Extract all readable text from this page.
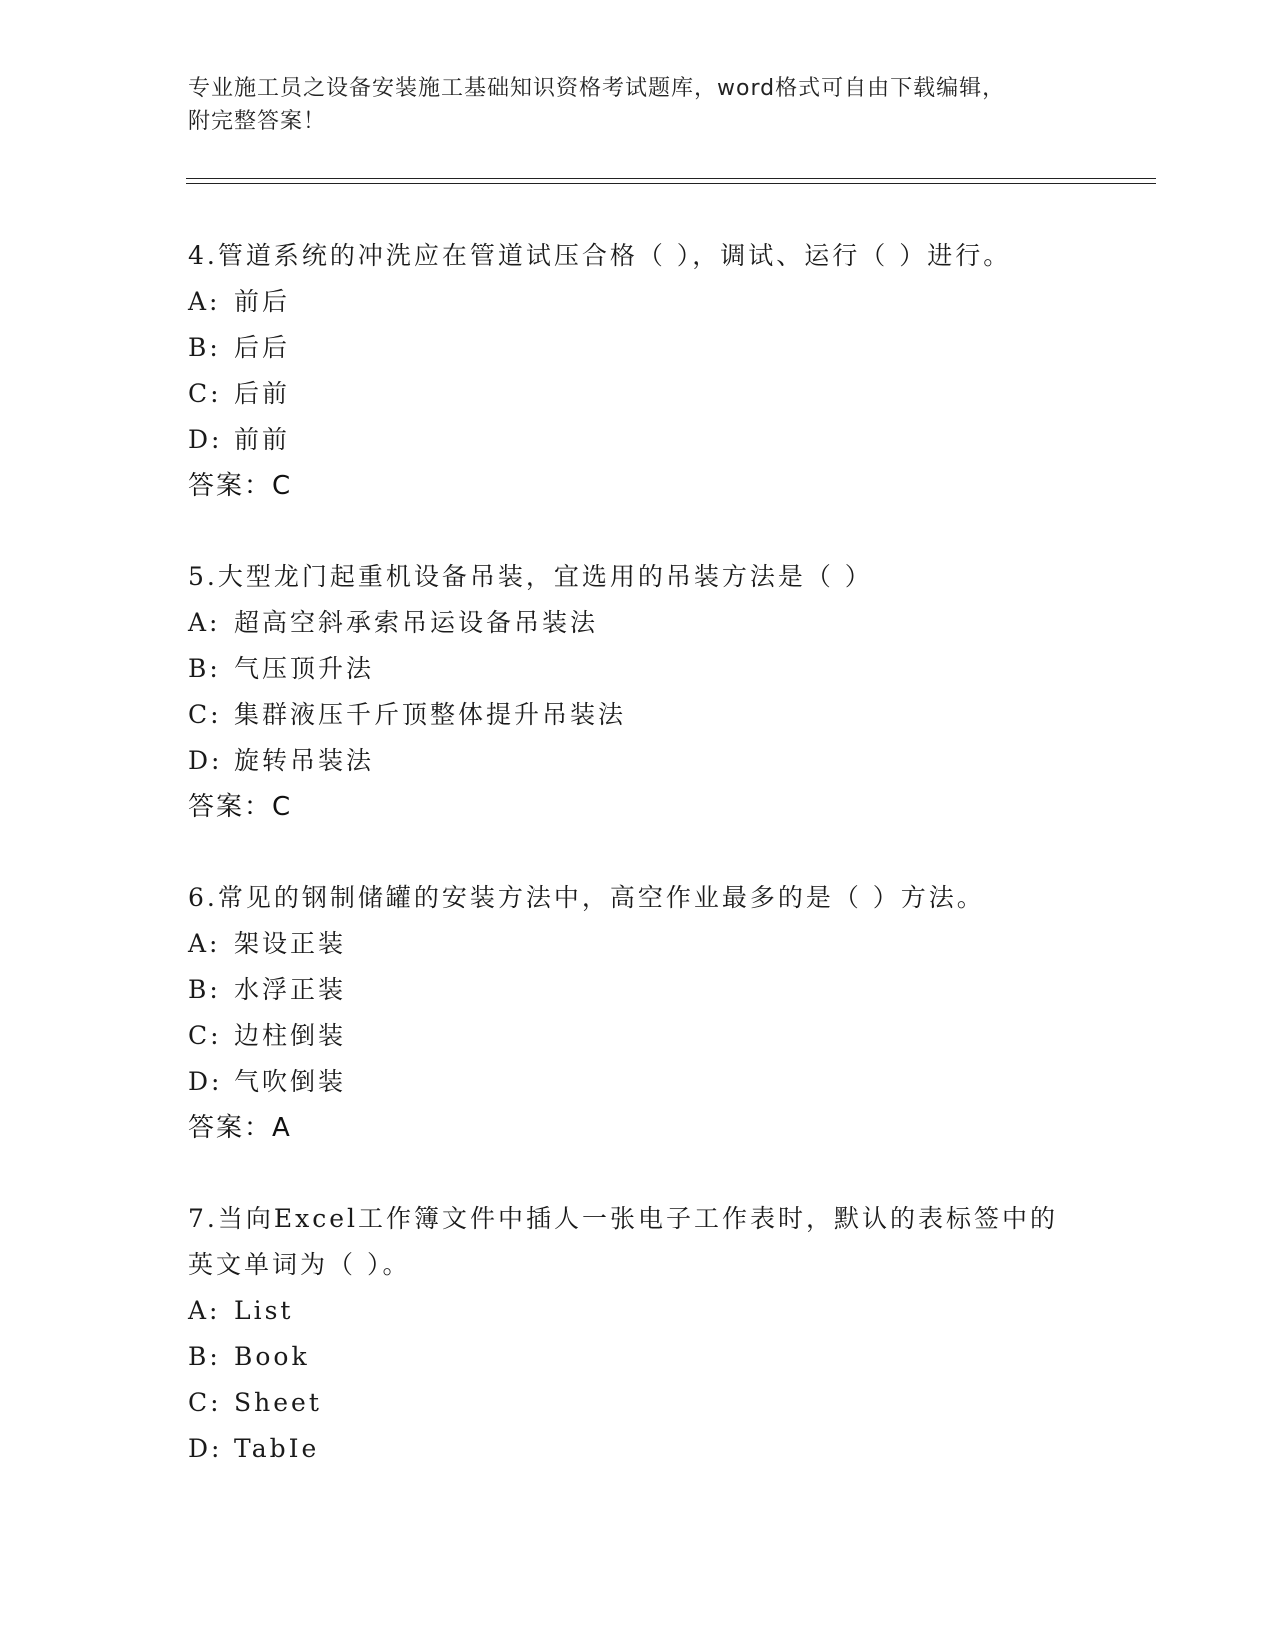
专业施工员之设备安装施工基础知识资格考试题库，word格式可自由下载编辑，
附完整答案！
4.管道系统的冲洗应在管道试压合格（ ），调试、运行（ ）进行。
A: 前后
B: 后后
C: 后前
D: 前前
答案：C
5.大型龙门起重机设备吊装，宜选用的吊装方法是（ ）
A: 超高空斜承索吊运设备吊装法
B: 气压顶升法
C: 集群液压千斤顶整体提升吊装法
D: 旋转吊装法
答案：C
6.常见的钢制储罐的安装方法中，高空作业最多的是（ ）方法。
A: 架设正装
B: 水浮正装
C: 边柱倒装
D: 气吹倒装
答案：A
7.当向Excel工作簿文件中插人一张电子工作表时，默认的表标签中的英文单词为（ ）。
A: List
B: Book
C: Sheet
D: TabIe
